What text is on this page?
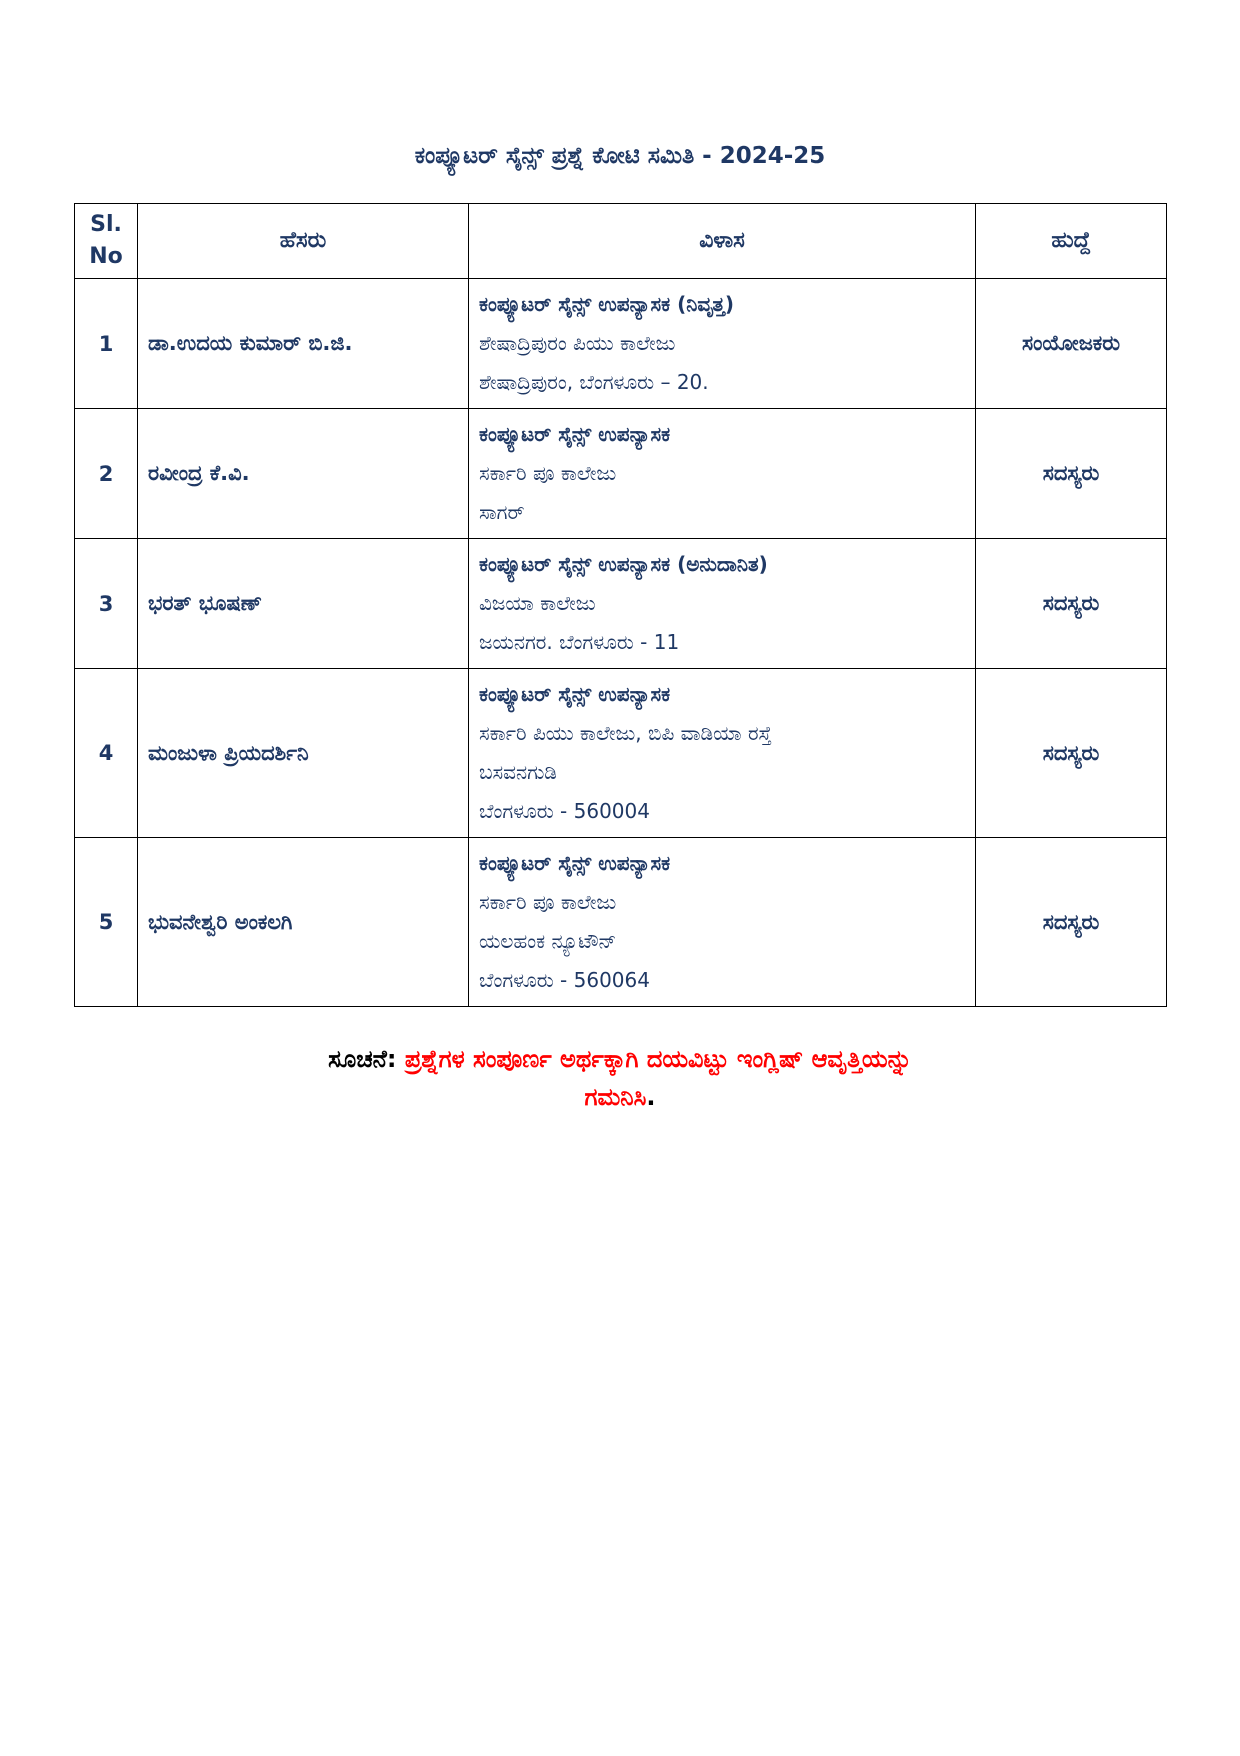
ಕಂಪ್ಯೂಟರ್ ಸೈನ್ಸ್ ಪ್ರಶ್ನೆ ಕೋಟಿ ಸಮಿತಿ - 2024-25
Sl. No	ಹೆಸರು	ವಿಳಾಸ	ಹುದ್ದೆ
1	ಡಾ.ಉದಯ ಕುಮಾರ್ ಬಿ.ಜಿ.	ಕಂಪ್ಯೂಟರ್ ಸೈನ್ಸ್ ಉಪನ್ಯಾಸಕ (ನಿವೃತ್ತ)
ಶೇಷಾದ್ರಿಪುರಂ ಪಿಯು ಕಾಲೇಜು
ಶೇಷಾದ್ರಿಪುರಂ, ಬೆಂಗಳೂರು – 20.	ಸಂಯೋಜಕರು
2	ರವೀಂದ್ರ ಕೆ.ವಿ.	ಕಂಪ್ಯೂಟರ್ ಸೈನ್ಸ್ ಉಪನ್ಯಾಸಕ
ಸರ್ಕಾರಿ ಪೂ ಕಾಲೇಜು
ಸಾಗರ್	ಸದಸ್ಯರು
3	ಭರತ್ ಭೂಷಣ್	ಕಂಪ್ಯೂಟರ್ ಸೈನ್ಸ್ ಉಪನ್ಯಾಸಕ (ಅನುದಾನಿತ)
ವಿಜಯಾ ಕಾಲೇಜು
ಜಯನಗರ. ಬೆಂಗಳೂರು - 11	ಸದಸ್ಯರು
4	ಮಂಜುಳಾ ಪ್ರಿಯದರ್ಶಿನಿ	ಕಂಪ್ಯೂಟರ್ ಸೈನ್ಸ್ ಉಪನ್ಯಾಸಕ
ಸರ್ಕಾರಿ ಪಿಯು ಕಾಲೇಜು, ಬಿಪಿ ವಾಡಿಯಾ ರಸ್ತೆ
ಬಸವನಗುಡಿ
ಬೆಂಗಳೂರು - 560004	ಸದಸ್ಯರು
5	ಭುವನೇಶ್ವರಿ ಅಂಕಲಗಿ	ಕಂಪ್ಯೂಟರ್ ಸೈನ್ಸ್ ಉಪನ್ಯಾಸಕ
ಸರ್ಕಾರಿ ಪೂ ಕಾಲೇಜು
ಯಲಹಂಕ ನ್ಯೂಟೌನ್
ಬೆಂಗಳೂರು - 560064	ಸದಸ್ಯರು
ಸೂಚನೆ: ಪ್ರಶ್ನೆಗಳ ಸಂಪೂರ್ಣ ಅರ್ಥಕ್ಕಾಗಿ ದಯವಿಟ್ಟು ಇಂಗ್ಲಿಷ್ ಆವೃತ್ತಿಯನ್ನು
ಗಮನಿಸಿ.
